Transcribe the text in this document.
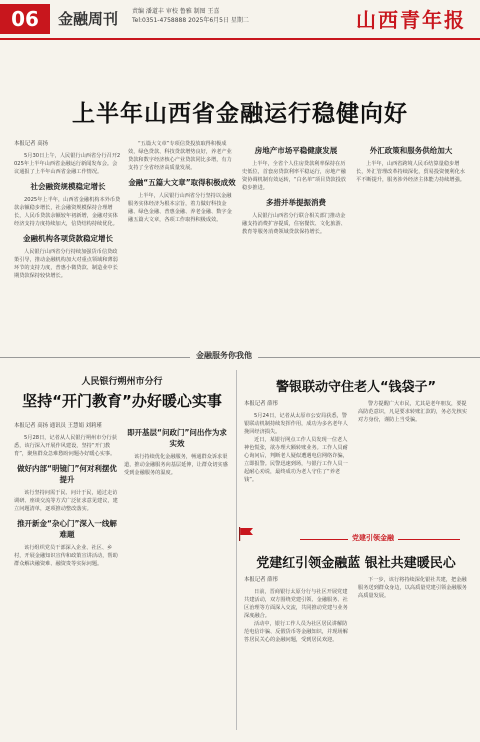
06	金融周刊 责编 潘道丰 审校 鲁雅 制图 王喜
Tel:0351-4758888 2025年6月5日 星期二	山西青年报
上半年山西省金融运行稳健向好
本报记者 高扬

5月30日上午，人民银行山西省分行召开2025年上半年山西省金融运行新闻发布会。会议通报了上半年山西省金融工作情况。

社会融资规模稳定增长

2025年上半年，山西省金融机构本外币贷款余额稳步增长，社会融资规模保持合理增长，人民币贷款余额较年初新增，金融对实体经济支持力度持续加大，信贷结构持续优化。

金融机构各项贷款稳定增长

人民银行山西省分行持续加强货币信贷政策引导，推动金融机构加大对重点领域和薄弱环节的支持力度，普惠小微贷款、制造业中长期贷款保持较快增长。

“五篇大文章”专项信贷投放取得积极成效，绿色贷款、科技贷款增势良好，养老产业贷款和数字经济核心产业贷款同比多增，有力支持了全省经济高质量发展。

金融“五篇大文章”取得积极成效

上半年，人民银行山西省分行坚持以金融服务实体经济为根本宗旨，着力做好科技金融、绿色金融、普惠金融、养老金融、数字金融五篇大文章，各项工作取得积极成效。

房地产市场平稳健康发展

上半年，全省个人住房贷款利率保持在历史低位，首套房贷款利率平稳运行，房地产融资协调机制有效运转，“白名单”项目贷款投放稳步推进。

多措并举提振消费

人民银行山西省分行联合相关部门推动金融支持消费扩容提质，住宿餐饮、文化旅游、教育等服务消费领域贷款保持增长。

外汇政策和服务供给加大

上半年，山西省跨境人民币结算量稳步增长，外汇管理改革持续深化，贸易投资便利化水平不断提升，服务涉外经济主体能力持续增强。

金融服务你我他
人民银行朔州市分行
坚持“开门教育”办好暖心实事
本报记者 高扬 通讯员 王慧娟 刘莉瑾

5月28日，记者从人民银行朔州市分行获悉，该行深入开展作风建设，坚持“开门教育”，聚焦群众急难愁盼问题办好暖心实事。

做好内部“明镜门”何对利摆优提升

该行坚持问需于民、问计于民，通过走访调研、座谈交流等方式广泛征求意见建议，建立问题清单，逐项推动整改落实。

推开新金“杂心门”深入一线解难题

该行组织党员干部深入企业、社区、乡村，开展金融知识宣传和政策宣讲活动，帮助群众解决融资难、融资贵等实际问题。

即开基层“问政门”问出作为求实效

该行持续优化金融服务，畅通群众诉求渠道，推动金融服务向基层延伸，让群众切实感受到金融服务的温度。

警银联动守住老人“钱袋子”
本报记者 薛彤

5月24日，记者从太原市公安局获悉，警银联动机制持续发挥作用，成功为多名老年人挽回经济损失。

近日，某银行网点工作人员发现一位老人神色慌张，欲办理大额转账业务。工作人员耐心询问后，判断老人疑似遭遇电信网络诈骗，立即报警。民警迅速到场，与银行工作人员一起耐心劝说，最终成功为老人守住了“养老钱”。

警方提醒广大市民，尤其是老年朋友，要提高防范意识，凡是要求转账汇款的，务必先核实对方身份，谨防上当受骗。

党建引领金融
党建红引领金融蓝 银社共建暖民心
本报记者 薛彤

日前，晋商银行太原分行与社区开展党建共建活动，双方围绕党建引领、金融服务、社区治理等方面深入交流，共同推动党建与业务深度融合。

活动中，银行工作人员为社区居民讲解防范电信诈骗、反假货币等金融知识，并现场解答居民关心的金融问题，受到居民欢迎。

下一步，该行将持续深化银社共建，把金融服务送到群众身边，以高质量党建引领金融服务高质量发展。
